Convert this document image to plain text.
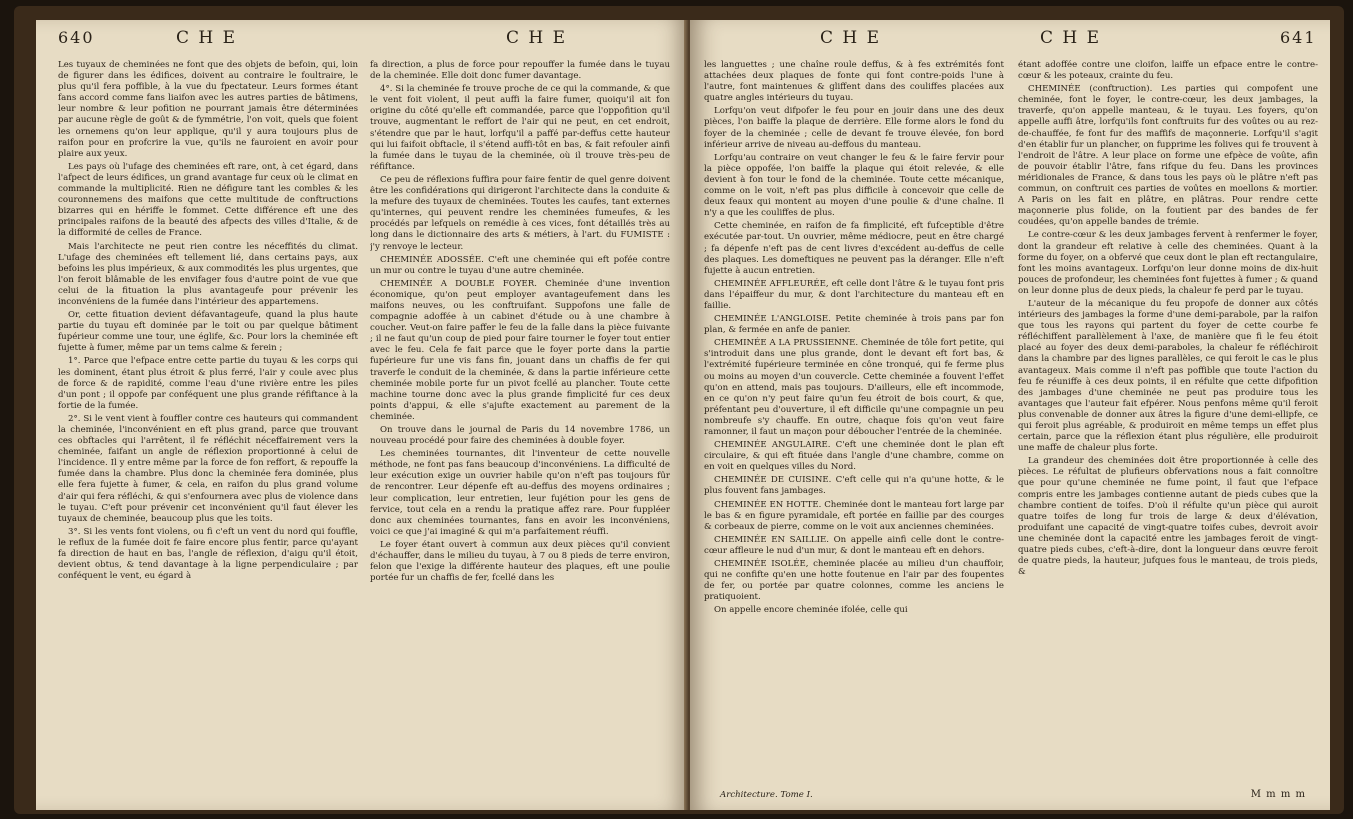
640	C H E	C H E

Les tuyaux de cheminées ne font que des objets de befoin, qui, loin de figurer dans les édifices, doivent au contraire le foultraire, le plus qu'il fera poffible, à la vue du fpectateur. Leurs formes étant fans accord comme fans liaifon avec les autres parties de bâtimens, leur nombre & leur pofition ne pourrant jamais être déterminées par aucune règle de goût & de fymmétrie, l'on voit, quels que foient les ornemens qu'on leur applique, qu'il y aura toujours plus de raifon pour en profcrire la vue, qu'ils ne fauroient en avoir pour plaire aux yeux.

Les pays où l'ufage des cheminées eft rare, ont, à cet égard, dans l'afpect de leurs édifices, un grand avantage fur ceux où le climat en commande la multiplicité. Rien ne défigure tant les combles & les couronnemens des maifons que cette multitude de conftructions bizarres qui en hériffe le fommet. Cette différence eft une des principales raifons de la beauté des afpects des villes d'Italie, & de la difformité de celles de France.

Mais l'architecte ne peut rien contre les néceffités du climat. L'ufage des cheminées eft tellement lié, dans certains pays, aux befoins les plus impérieux, & aux commodités les plus urgentes, que l'on feroit blâmable de les envifager fous d'autre point de vue que celui de la fituation la plus avantageufe pour prévenir les inconvéniens de la fumée dans l'intérieur des appartemens.

Or, cette fituation devient défavantageufe, quand la plus haute partie du tuyau eft dominée par le toit ou par quelque bâtiment fupérieur comme une tour, une églife, &c. Pour lors la cheminée eft fujette à fumer, même par un tems calme & ferein ;

1°. Parce que l'efpace entre cette partie du tuyau & les corps qui les dominent, étant plus étroit & plus ferré, l'air y coule avec plus de force & de rapidité, comme l'eau d'une rivière entre les piles d'un pont ; il oppofe par conféquent une plus grande réfiftance à la fortie de la fumée.

2°. Si le vent vient à fouffler contre ces hauteurs qui commandent la cheminée, l'inconvénient en eft plus grand, parce que trouvant ces obftacles qui l'arrêtent, il fe réfléchit néceffairement vers la cheminée, faifant un angle de réflexion proportionné à celui de l'incidence. Il y entre même par la force de fon reffort, & repouffe la fumée dans la chambre. Plus donc la cheminée fera dominée, plus elle fera fujette à fumer, & cela, en raifon du plus grand volume d'air qui fera réfléchi, & qui s'enfournera avec plus de violence dans le tuyau. C'eft pour prévenir cet inconvénient qu'il faut élever les tuyaux de cheminée, beaucoup plus que les toits.

3°. Si les vents font violens, ou fi c'eft un vent du nord qui fouffle, le reflux de la fumée doit fe faire encore plus fentir, parce qu'ayant fa direction de haut en bas, l'angle de réflexion, d'aigu qu'il étoit, devient obtus, & tend davantage à la ligne perpendiculaire ; par conféquent le vent, eu égard à

fa direction, a plus de force pour repouffer la fumée dans le tuyau de la cheminée. Elle doit donc fumer davantage.

4°. Si la cheminée fe trouve proche de ce qui la commande, & que le vent foit violent, il peut auffi la faire fumer, quoiqu'il ait fon origine du côté qu'elle eft commandée, parce que l'oppofition qu'il trouve, augmentant le reffort de l'air qui ne peut, en cet endroit, s'étendre que par le haut, lorfqu'il a paffé par-deffus cette hauteur qui lui faifoit obftacle, il s'étend auffi-tôt en bas, & fait refouler ainfi la fumée dans le tuyau de la cheminée, où il trouve très-peu de réfiftance.

Ce peu de réflexions fuffira pour faire fentir de quel genre doivent être les confidérations qui dirigeront l'architecte dans la conduite & la mefure des tuyaux de cheminées. Toutes les caufes, tant externes qu'internes, qui peuvent rendre les cheminées fumeufes, & les procédés par lefquels on remédie à ces vices, font détaillés très au long dans le dictionnaire des arts & métiers, à l'art. du FUMISTE : j'y renvoye le lecteur.

CHEMINÉE ADOSSÉE. C'eft une cheminée qui eft pofée contre un mur ou contre le tuyau d'une autre cheminée.

CHEMINÉE A DOUBLE FOYER. Cheminée d'une invention économique, qu'on peut employer avantageufement dans les maifons neuves, ou les conftruifant. Suppofons une falle de compagnie adoffée à un cabinet d'étude ou à une chambre à coucher. Veut-on faire paffer le feu de la falle dans la pièce fuivante ; il ne faut qu'un coup de pied pour faire tourner le foyer tout entier avec le feu. Cela fe fait parce que le foyer porte dans la partie fupérieure fur une vis fans fin, jouant dans un chaffis de fer qui traverfe le conduit de la cheminée, & dans la partie inférieure cette cheminée mobile porte fur un pivot fcellé au plancher. Toute cette machine tourne donc avec la plus grande fimplicité fur ces deux points d'appui, & elle s'ajufte exactement au parement de la cheminée.

On trouve dans le journal de Paris du 14 novembre 1786, un nouveau procédé pour faire des cheminées à double foyer.

Les cheminées tournantes, dit l'inventeur de cette nouvelle méthode, ne font pas fans beaucoup d'inconvéniens. La difficulté de leur exécution exige un ouvrier habile qu'on n'eft pas toujours fûr de rencontrer. Leur dépenfe eft au-deffus des moyens ordinaires ; leur complication, leur entretien, leur fujétion pour les gens de fervice, tout cela en a rendu la pratique affez rare. Pour fuppléer donc aux cheminées tournantes, fans en avoir les inconvéniens, voici ce que j'ai imaginé & qui m'a parfaitement réuffi.

Le foyer étant ouvert à commun aux deux pièces qu'il convient d'échauffer, dans le milieu du tuyau, à 7 ou 8 pieds de terre environ, felon que l'exige la différente hauteur des plaques, eft une poulie portée fur un chaffis de fer, fcellé dans les

C H E	C H E	641

les languettes ; une chaîne roule deffus, & à fes extrémités font attachées deux plaques de fonte qui font contre-poids l'une à l'autre, font maintenues & gliffent dans des couliffes placées aux quatre angles intérieurs du tuyau.

Lorfqu'on veut difpofer le feu pour en jouir dans une des deux pièces, l'on baiffe la plaque de derrière. Elle forme alors le fond du foyer de la cheminée ; celle de devant fe trouve élevée, fon bord inférieur arrive de niveau au-deffous du manteau.

Lorfqu'au contraire on veut changer le feu & le faire fervir pour la pièce oppofée, l'on baiffe la plaque qui étoit relevée, & elle devient à fon tour le fond de la cheminée. Toute cette mécanique, comme on le voit, n'eft pas plus difficile à concevoir que celle de deux feaux qui montent au moyen d'une poulie & d'une chaîne. Il n'y a que les couliffes de plus.

Cette cheminée, en raifon de fa fimplicité, eft fufceptible d'être exécutée par-tout. Un ouvrier, même médiocre, peut en être chargé ; fa dépenfe n'eft pas de cent livres d'excédent au-deffus de celle des plaques. Les domeftiques ne peuvent pas la déranger. Elle n'eft fujette à aucun entretien.

CHEMINÉE AFFLEURÉE, eft celle dont l'âtre & le tuyau font pris dans l'épaiffeur du mur, & dont l'architecture du manteau eft en faillie.

CHEMINÉE L'ANGLOISE. Petite cheminée à trois pans par fon plan, & fermée en anfe de panier.

CHEMINÉE A LA PRUSSIENNE. Cheminée de tôle fort petite, qui s'introduit dans une plus grande, dont le devant eft fort bas, & l'extrémité fupérieure terminée en cône tronqué, qui fe ferme plus ou moins au moyen d'un couvercle. Cette cheminée a fouvent l'effet qu'on en attend, mais pas toujours. D'ailleurs, elle eft incommode, en ce qu'on n'y peut faire qu'un feu étroit de bois court, & que, préfentant peu d'ouverture, il eft difficile qu'une compagnie un peu nombreufe s'y chauffe. En outre, chaque fois qu'on veut faire ramonner, il faut un maçon pour déboucher l'entrée de la cheminée.

CHEMINÉE ANGULAIRE. C'eft une cheminée dont le plan eft circulaire, & qui eft fituée dans l'angle d'une chambre, comme on en voit en quelques villes du Nord.

CHEMINÉE DE CUISINE. C'eft celle qui n'a qu'une hotte, & le plus fouvent fans jambages.

CHEMINÉE EN HOTTE. Cheminée dont le manteau fort large par le bas & en figure pyramidale, eft portée en faillie par des courges & corbeaux de pierre, comme on le voit aux anciennes cheminées.

CHEMINÉE EN SAILLIE. On appelle ainfi celle dont le contre-cœur affleure le nud d'un mur, & dont le manteau eft en dehors.

CHEMINÉE ISOLÉE, cheminée placée au milieu d'un chauffoir, qui ne confifte qu'en une hotte foutenue en l'air par des foupentes de fer, ou portée par quatre colonnes, comme les anciens le pratiquoient.

On appelle encore cheminée ifolée, celle qui

Architecture. Tome I.

étant adoffée contre une cloifon, laiffe un efpace entre le contre-cœur & les poteaux, crainte du feu.

CHEMINÉE (conftruction). Les parties qui compofent une cheminée, font le foyer, le contre-cœur, les deux jambages, la traverfe, qu'on appelle manteau, & le tuyau. Les foyers, qu'on appelle auffi âtre, lorfqu'ils font conftruits fur des voûtes ou au rez-de-chauffée, fe font fur des maffifs de maçonnerie. Lorfqu'il s'agit d'en établir fur un plancher, on fupprime les folives qui fe trouvent à l'endroit de l'âtre. A leur place on forme une efpèce de voûte, afin de pouvoir établir l'âtre, fans rifque du feu. Dans les provinces méridionales de France, & dans tous les pays où le plâtre n'eft pas commun, on conftruit ces parties de voûtes en moellons & mortier. A Paris on les fait en plâtre, en plâtras. Pour rendre cette maçonnerie plus folide, on la foutient par des bandes de fer coudées, qu'on appelle bandes de trémie.

Le contre-cœur & les deux jambages fervent à renfermer le foyer, dont la grandeur eft relative à celle des cheminées. Quant à la forme du foyer, on a obfervé que ceux dont le plan eft rectangulaire, font les moins avantageux. Lorfqu'on leur donne moins de dix-huit pouces de profondeur, les cheminées font fujettes à fumer ; & quand on leur donne plus de deux pieds, la chaleur fe perd par le tuyau.

L'auteur de la mécanique du feu propofe de donner aux côtés intérieurs des jambages la forme d'une demi-parabole, par la raifon que tous les rayons qui partent du foyer de cette courbe fe réfléchiffent parallèlement à l'axe, de manière que fi le feu étoit placé au foyer des deux demi-paraboles, la chaleur fe réfléchiroit dans la chambre par des lignes parallèles, ce qui feroit le cas le plus avantageux. Mais comme il n'eft pas poffible que toute l'action du feu fe réuniffe à ces deux points, il en réfulte que cette difpofition des jambages d'une cheminée ne peut pas produire tous les avantages que l'auteur fait efpérer. Nous penfons même qu'il feroit plus convenable de donner aux âtres la figure d'une demi-ellipfe, ce qui feroit plus agréable, & produiroit en même temps un effet plus certain, parce que la réflexion étant plus régulière, elle produiroit une maffe de chaleur plus forte.

La grandeur des cheminées doit être proportionnée à celle des pièces. Le réfultat de plufieurs obfervations nous a fait connoître que pour qu'une cheminée ne fume point, il faut que l'efpace compris entre les jambages contienne autant de pieds cubes que la chambre contient de toifes. D'où il réfulte qu'un pièce qui auroit quatre toifes de long fur trois de large & deux d'élévation, produifant une capacité de vingt-quatre toifes cubes, devroit avoir une cheminée dont la capacité entre les jambages feroit de vingt-quatre pieds cubes, c'eft-à-dire, dont la longueur dans œuvre feroit de quatre pieds, la hauteur, jufques fous le manteau, de trois pieds, &

M m m m
